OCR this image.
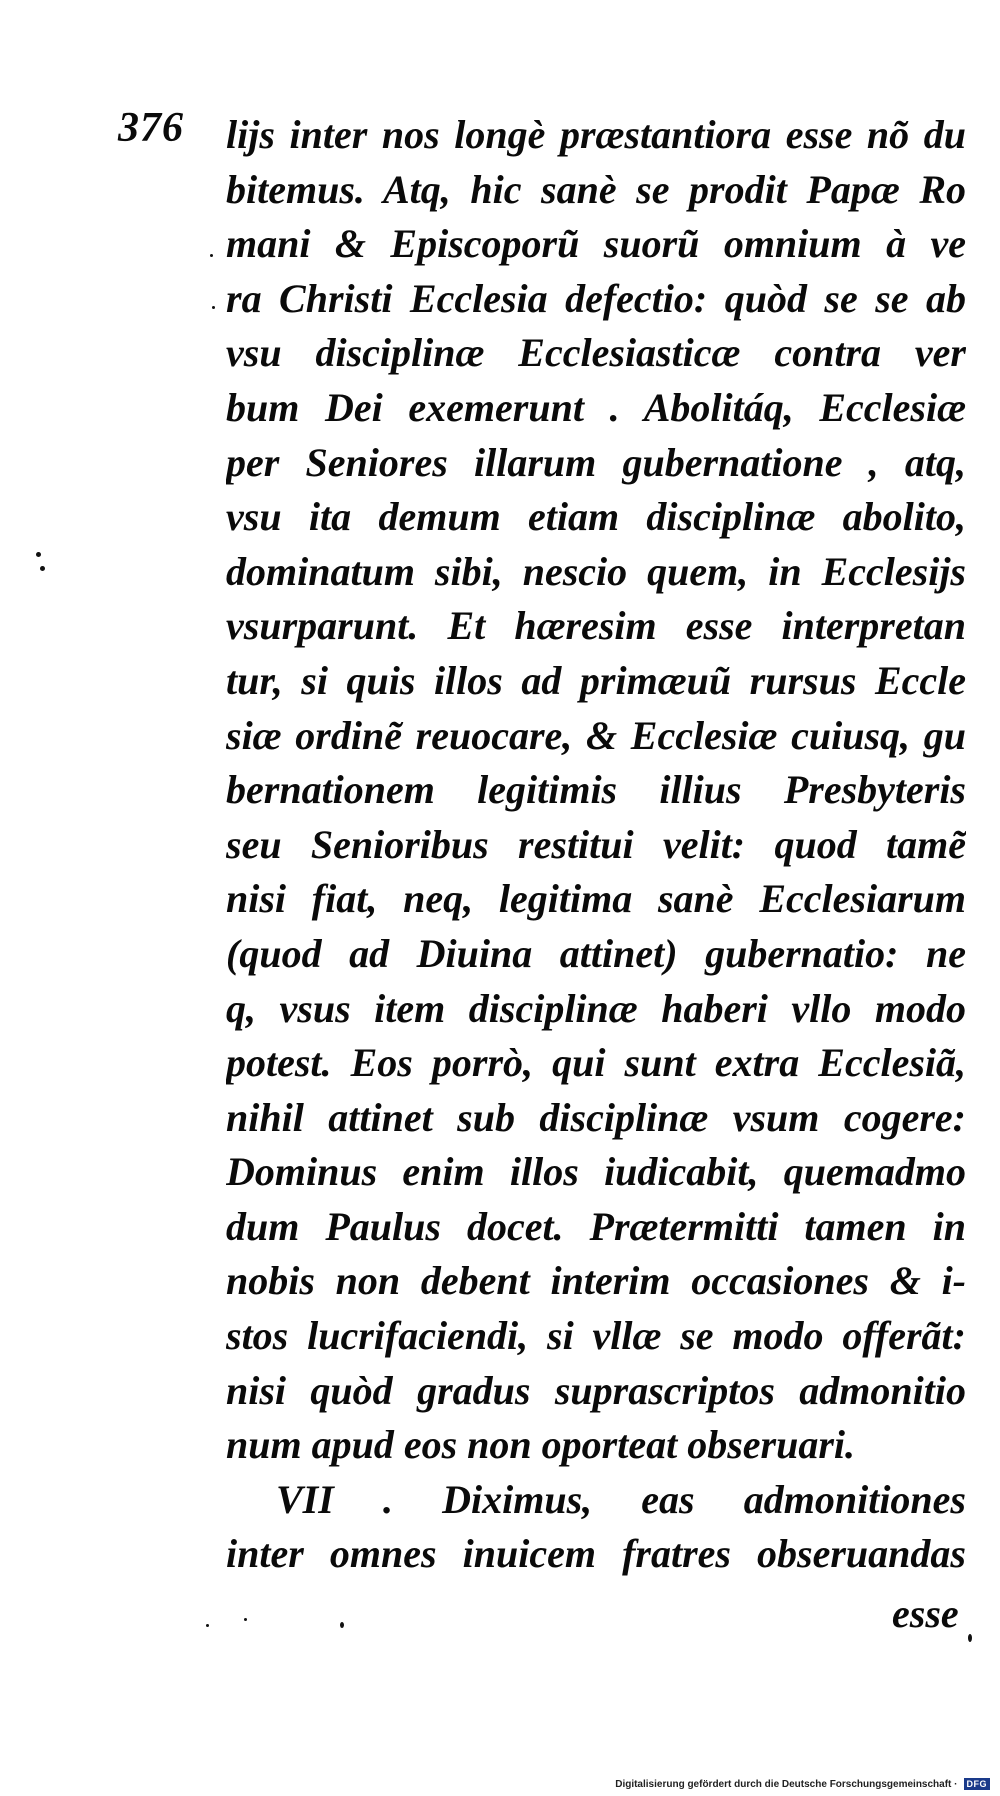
376 lijs inter nos longè præstantiora esse nõ du
bitemus. Atq, hic sanè se prodit Papæ Ro
mani & Episcoporũ suorũ omnium à ve
ra Christi Ecclesia defectio: quòd se se ab
vsu disciplinæ Ecclesiasticæ contra ver
bum Dei exemerunt . Abolitáq, Ecclesiæ
per Seniores illarum gubernatione , atq,
vsu ita demum etiam disciplinæ abolito,
dominatum sibi, nescio quem, in Ecclesijs
vsurparunt. Et hæresim esse interpretan
tur, si quis illos ad primæuũ rursus Eccle
siæ ordinẽ reuocare, & Ecclesiæ cuiusq, gu
bernationem legitimis illius Presbyteris
seu Senioribus restitui velit: quod tamẽ
nisi fiat, neq, legitima sanè Ecclesiarum
(quod ad Diuina attinet) gubernatio: ne
q, vsus item disciplinæ haberi vllo modo
potest. Eos porrò, qui sunt extra Ecclesiã,
nihil attinet sub disciplinæ vsum cogere:
Dominus enim illos iudicabit, quemadmo
dum Paulus docet. Prætermitti tamen in
nobis non debent interim occasiones & i-
stos lucrifaciendi, si vllæ se modo offerãt:
nisi quòd gradus suprascriptos admonitio
num apud eos non oporteat obseruari.
VII . Diximus, eas admonitiones
inter omnes inuicem fratres obseruandas
esse
Digitalisierung gefördert durch die Deutsche Forschungsgemeinschaft ·	DFG
